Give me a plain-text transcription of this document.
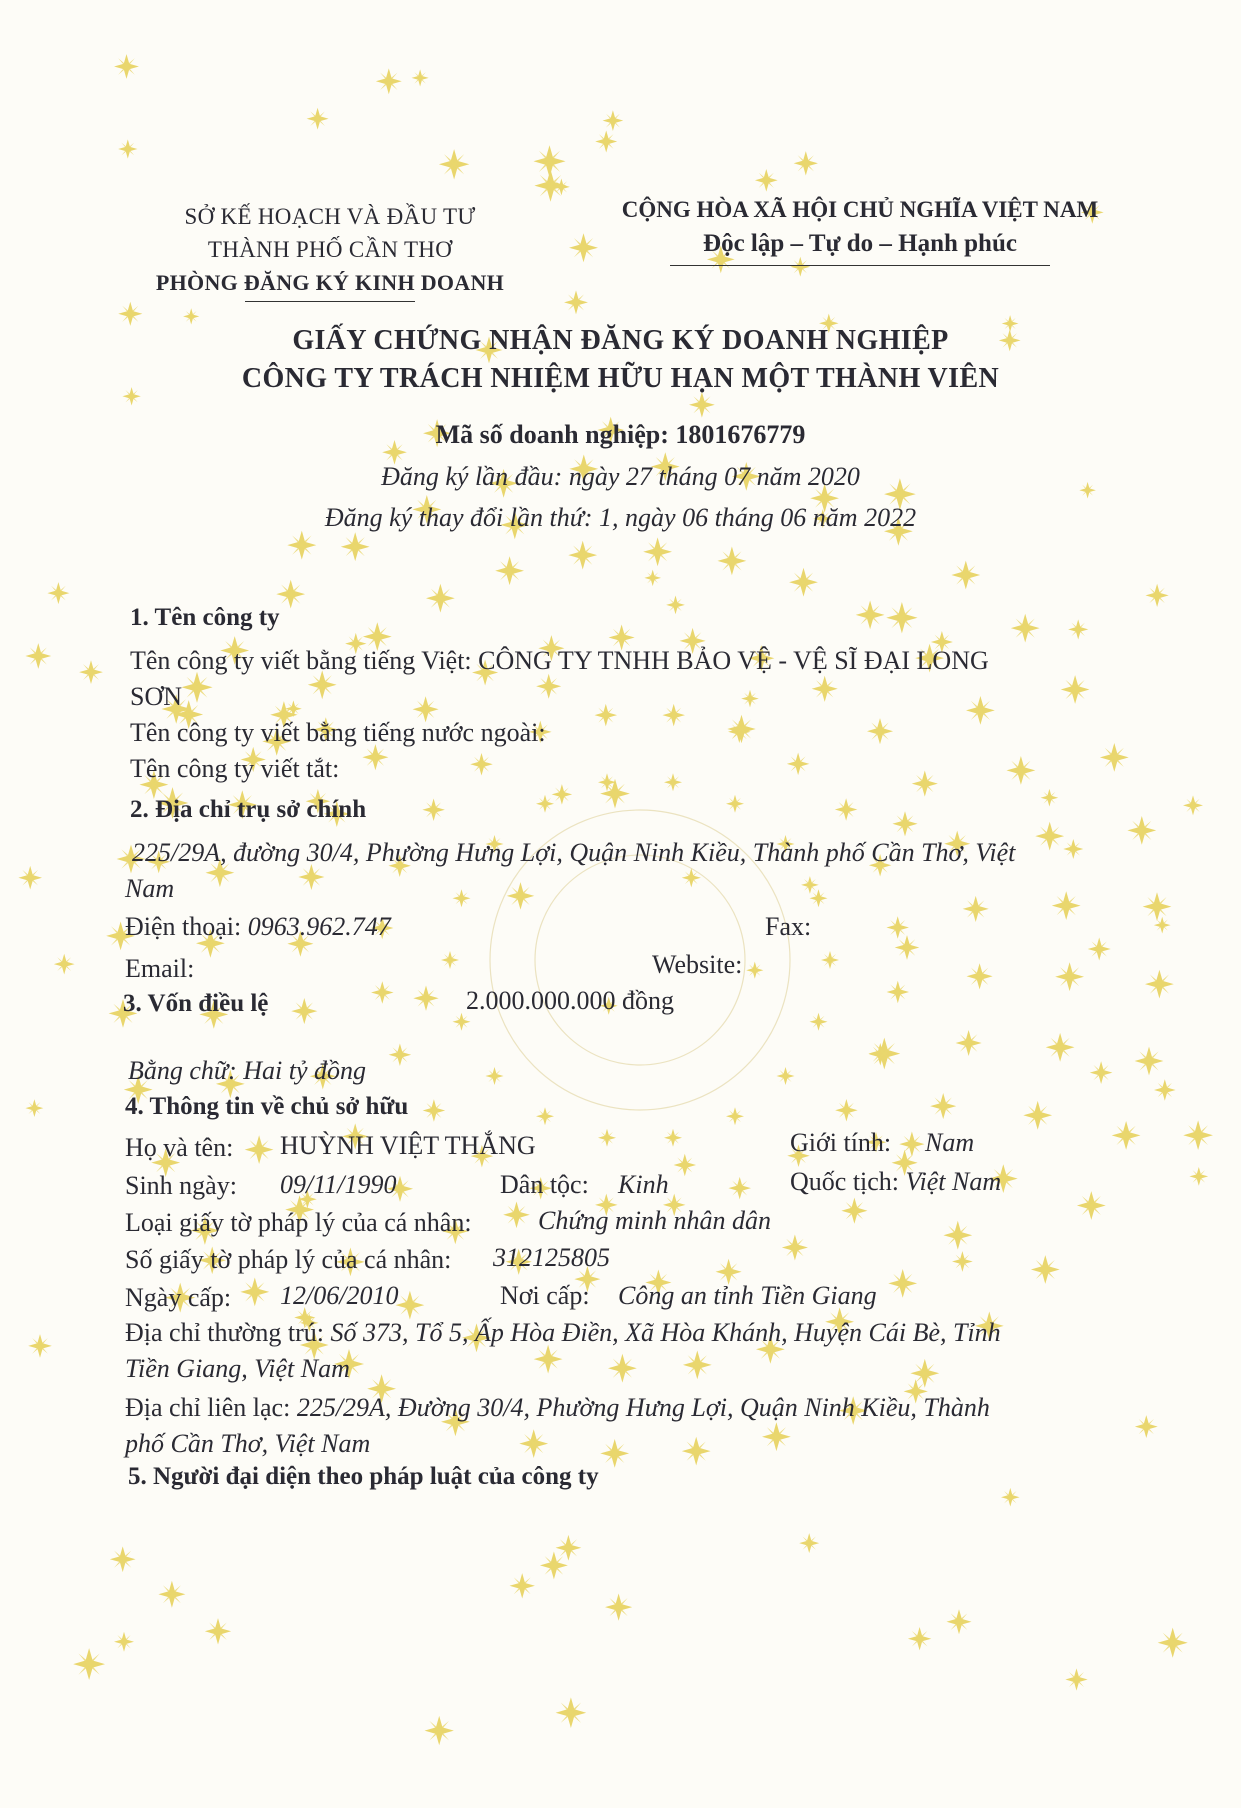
SỞ KẾ HOẠCH VÀ ĐẦU TƯ
THÀNH PHỐ CẦN THƠ
PHÒNG ĐĂNG KÝ KINH DOANH
CỘNG HÒA XÃ HỘI CHỦ NGHĨA VIỆT NAM
Độc lập – Tự do – Hạnh phúc
GIẤY CHỨNG NHẬN ĐĂNG KÝ DOANH NGHIỆP
CÔNG TY TRÁCH NHIỆM HỮU HẠN MỘT THÀNH VIÊN
Mã số doanh nghiệp: 1801676779
Đăng ký lần đầu: ngày 27 tháng 07 năm 2020
Đăng ký thay đổi lần thứ: 1, ngày 06 tháng 06 năm 2022
1. Tên công ty
Tên công ty viết bằng tiếng Việt: CÔNG TY TNHH BẢO VỆ - VỆ SĨ ĐẠI LONG
SƠN
Tên công ty viết bằng tiếng nước ngoài:
Tên công ty viết tắt:
2. Địa chỉ trụ sở chính
225/29A, đường 30/4, Phường Hưng Lợi, Quận Ninh Kiều, Thành phố Cần Thơ, Việt
Nam
Điện thoại: 0963.962.747	Fax:
Email:	Website:
3. Vốn điều lệ	2.000.000.000 đồng
Bằng chữ: Hai tỷ đồng
4. Thông tin về chủ sở hữu
Họ và tên: HUỲNH VIỆT THẮNG	Giới tính: Nam
Sinh ngày: 09/11/1990	Dân tộc: Kinh	Quốc tịch: Việt Nam
Loại giấy tờ pháp lý của cá nhân:	Chứng minh nhân dân
Số giấy tờ pháp lý của cá nhân: 312125805
Ngày cấp: 12/06/2010	Nơi cấp: Công an tỉnh Tiền Giang
Địa chỉ thường trú: Số 373, Tổ 5, Ấp Hòa Điền, Xã Hòa Khánh, Huyện Cái Bè, Tỉnh
Tiền Giang, Việt Nam
Địa chỉ liên lạc: 225/29A, Đường 30/4, Phường Hưng Lợi, Quận Ninh Kiều, Thành
phố Cần Thơ, Việt Nam
5. Người đại diện theo pháp luật của công ty
